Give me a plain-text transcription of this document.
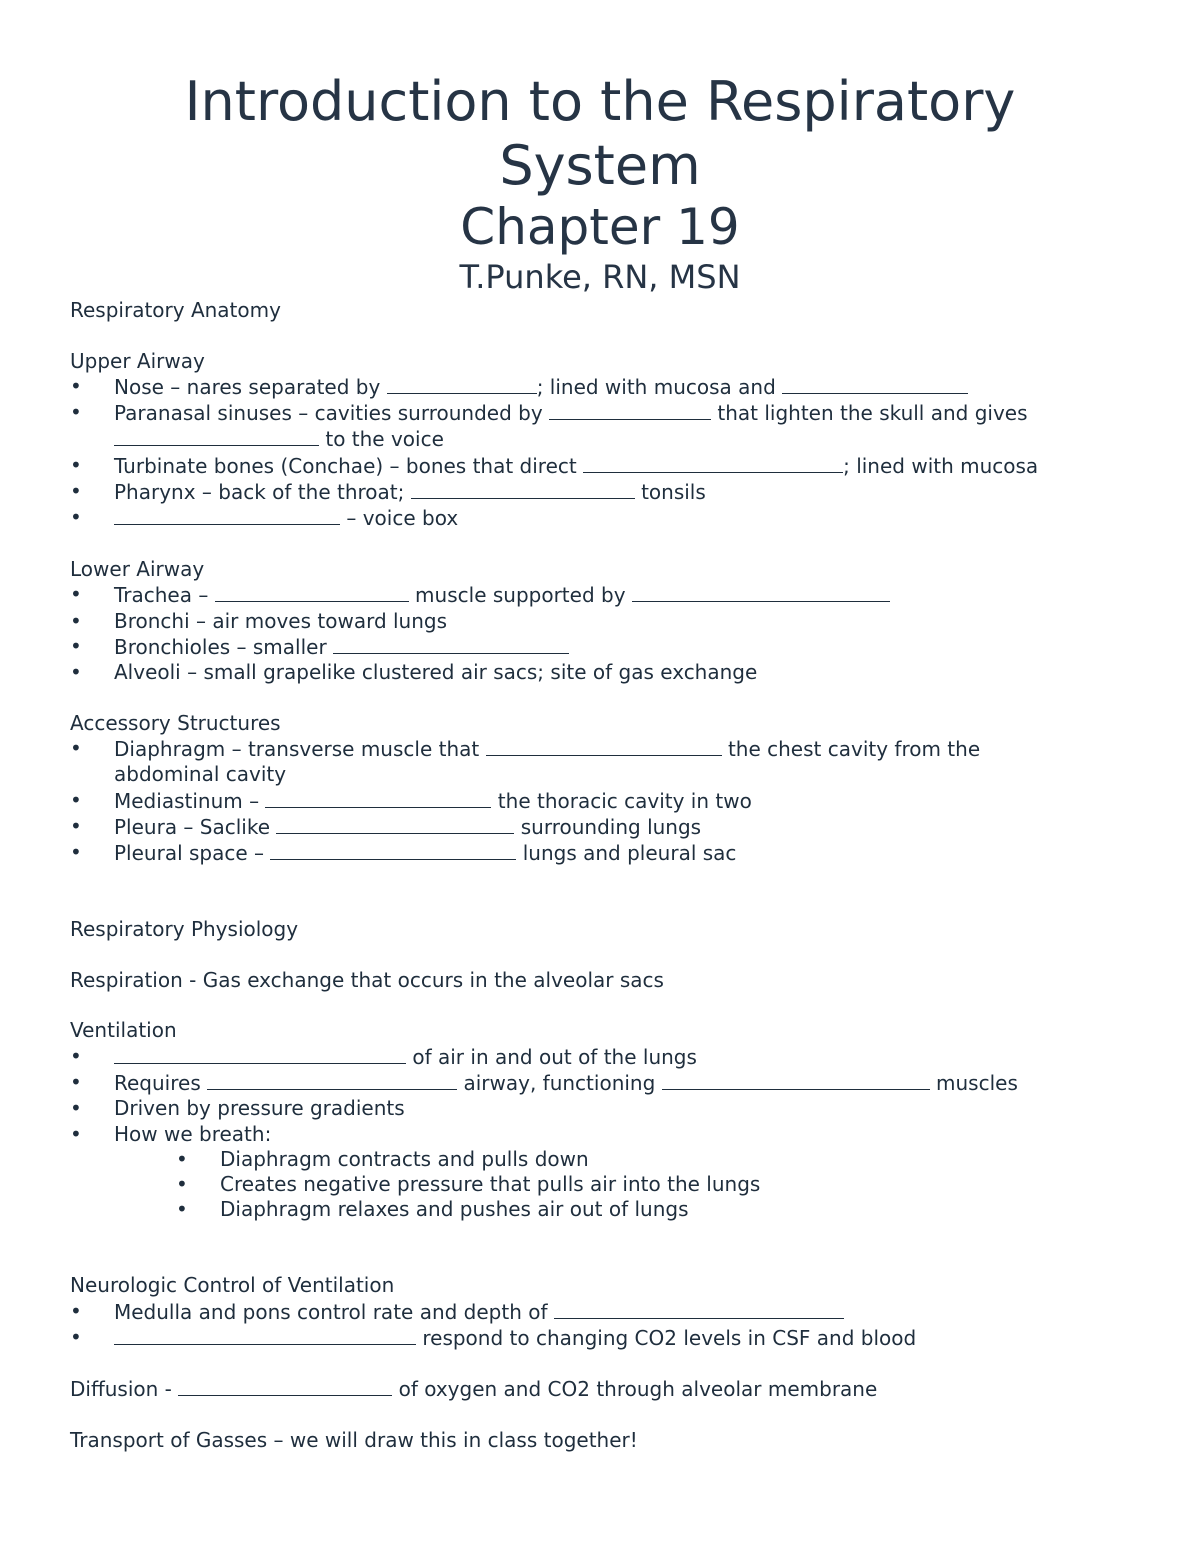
Introduction to the Respiratory
System
Chapter 19
T.Punke, RN, MSN
Respiratory Anatomy
Upper Airway
• Nose – nares separated by	; lined with mucosa and
• Paranasal sinuses – cavities surrounded by	that lighten the skull and gives
to the voice
• Turbinate bones (Conchae) – bones that direct	; lined with mucosa
• Pharynx – back of the throat;	tonsils
• – voice box
Lower Airway
• Trachea –	muscle supported by
• Bronchi – air moves toward lungs
• Bronchioles – smaller
• Alveoli – small grapelike clustered air sacs; site of gas exchange
Accessory Structures
• Diaphragm – transverse muscle that	the chest cavity from the
abdominal cavity
• Mediastinum –	the thoracic cavity in two
• Pleura – Saclike	surrounding lungs
• Pleural space –	lungs and pleural sac
Respiratory Physiology
Respiration - Gas exchange that occurs in the alveolar sacs
Ventilation
• of air in and out of the lungs
• Requires	airway, functioning	muscles
• Driven by pressure gradients
• How we breath:
• Diaphragm contracts and pulls down
• Creates negative pressure that pulls air into the lungs
• Diaphragm relaxes and pushes air out of lungs
Neurologic Control of Ventilation
• Medulla and pons control rate and depth of
• respond to changing CO2 levels in CSF and blood
Diffusion -	of oxygen and CO2 through alveolar membrane
Transport of Gasses – we will draw this in class together!
